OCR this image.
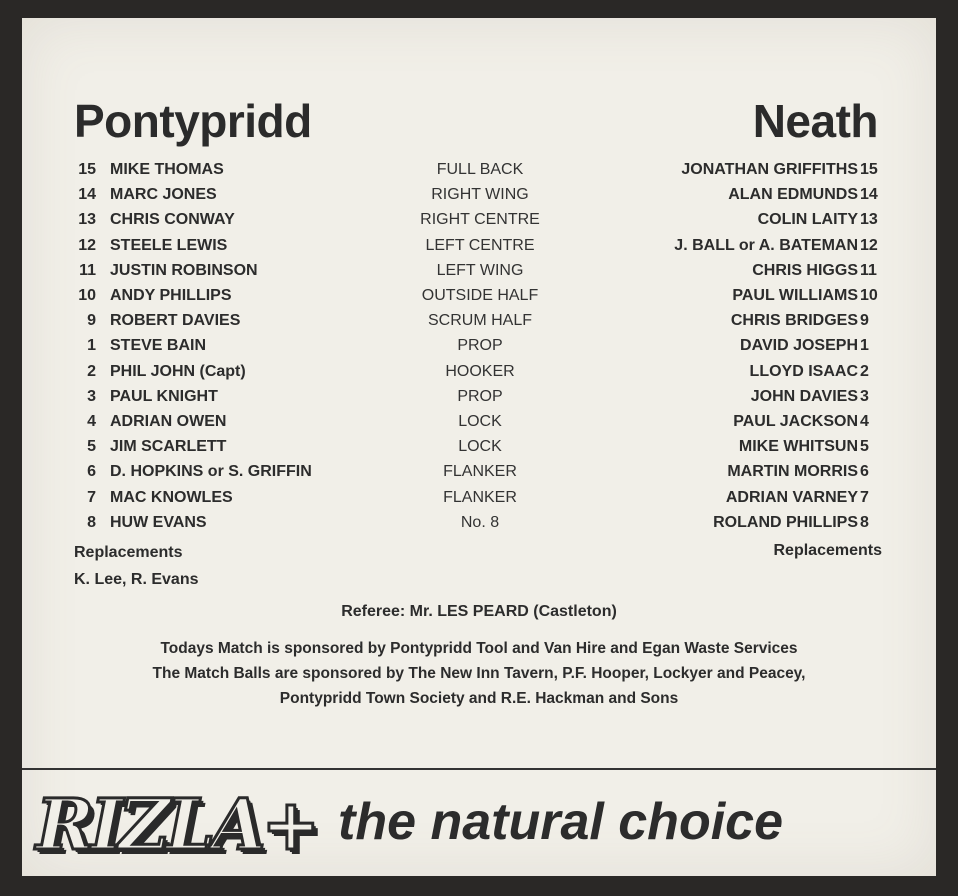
Pontypridd	Neath
15 MIKE THOMAS	FULL BACK	JONATHAN GRIFFITHS 15
14 MARC JONES	RIGHT WING	ALAN EDMUNDS 14
13 CHRIS CONWAY	RIGHT CENTRE	COLIN LAITY 13
12 STEELE LEWIS	LEFT CENTRE	J. BALL or A. BATEMAN 12
11 JUSTIN ROBINSON	LEFT WING	CHRIS HIGGS 11
10 ANDY PHILLIPS	OUTSIDE HALF	PAUL WILLIAMS 10
9 ROBERT DAVIES	SCRUM HALF	CHRIS BRIDGES 9
1 STEVE BAIN	PROP	DAVID JOSEPH 1
2 PHIL JOHN (Capt)	HOOKER	LLOYD ISAAC 2
3 PAUL KNIGHT	PROP	JOHN DAVIES 3
4 ADRIAN OWEN	LOCK	PAUL JACKSON 4
5 JIM SCARLETT	LOCK	MIKE WHITSUN 5
6 D. HOPKINS or S. GRIFFIN	FLANKER	MARTIN MORRIS 6
7 MAC KNOWLES	FLANKER	ADRIAN VARNEY 7
8 HUW EVANS	No. 8	ROLAND PHILLIPS 8
Replacements
K. Lee, R. Evans
Replacements
Referee: Mr. LES PEARD (Castleton)
Todays Match is sponsored by Pontypridd Tool and Van Hire and Egan Waste Services
The Match Balls are sponsored by The New Inn Tavern, P.F. Hooper, Lockyer and Peacey,
Pontypridd Town Society and R.E. Hackman and Sons
RIZLA+ the natural choice
